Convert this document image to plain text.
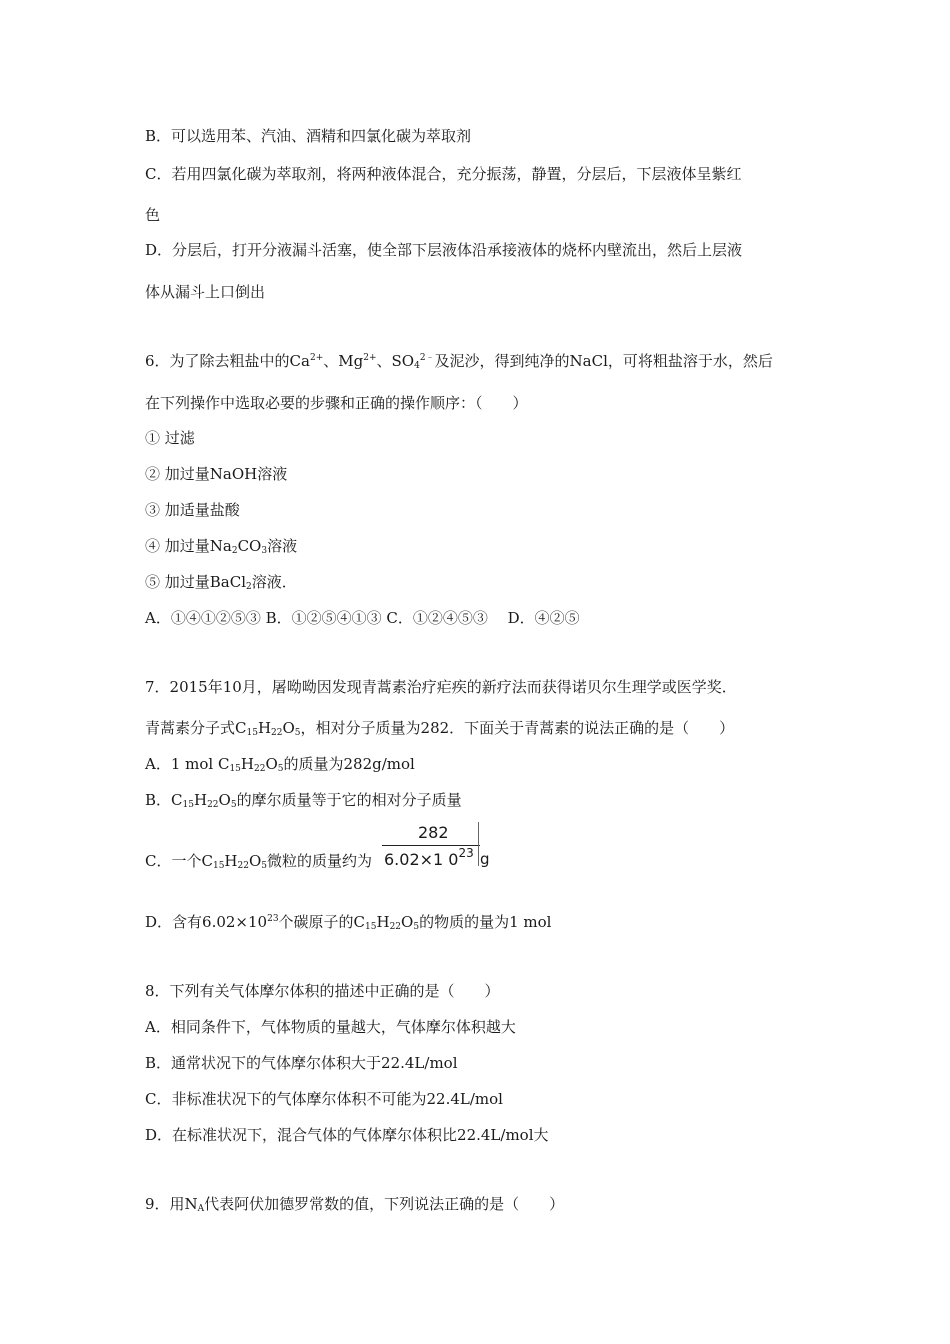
B．可以选用苯、汽油、酒精和四氯化碳为萃取剂
C．若用四氯化碳为萃取剂，将两种液体混合，充分振荡，静置，分层后，下层液体呈紫红
色
D．分层后，打开分液漏斗活塞，使全部下层液体沿承接液体的烧杯内壁流出，然后上层液
体从漏斗上口倒出
6．为了除去粗盐中的$Ca^{2+}$、$Mg^{2+}$、$SO_4^{2﹣}$及泥沙，得到纯净的NaCl，可将粗盐溶于水，然后
在下列操作中选取必要的步骤和正确的操作顺序：（　　）
① 过滤
② 加过量NaOH溶液
③ 加适量盐酸
④ 加过量$Na_2CO_3$溶液
⑤ 加过量BaCl$_2$溶液．
A．①④①②⑤③ B．①②⑤④①③ C．①②④⑤③　 D．④②⑤
7．2015年10月，屠呦呦因发现青蒿素治疗疟疾的新疗法而获得诺贝尔生理学或医学奖．
青蒿素分子式$C_{15}H_{22}O_5$，相对分子质量为282．下面关于青蒿素的说法正确的是（　　）
A．1 mol $C_{15}H_{22}O_5$的质量为282g/mol
B．$C_{15}H_{22}O_5$的摩尔质量等于它的相对分子质量
C．一个$C_{15}H_{22}O_5$微粒的质量约为
282
6.02×1 $0^{23}$ g
D．含有$6.02\times 10^{23}$个碳原子的$C_{15}H_{22}O_5$的物质的量为1 mol
8．下列有关气体摩尔体积的描述中正确的是（　　）
A．相同条件下，气体物质的量越大，气体摩尔体积越大
B．通常状况下的气体摩尔体积大于22.4L/mol
C．非标准状况下的气体摩尔体积不可能为22.4L/mol
D．在标准状况下，混合气体的气体摩尔体积比22.4L/mol大
9．用$N_A$代表阿伏加德罗常数的值，下列说法正确的是（　　）
